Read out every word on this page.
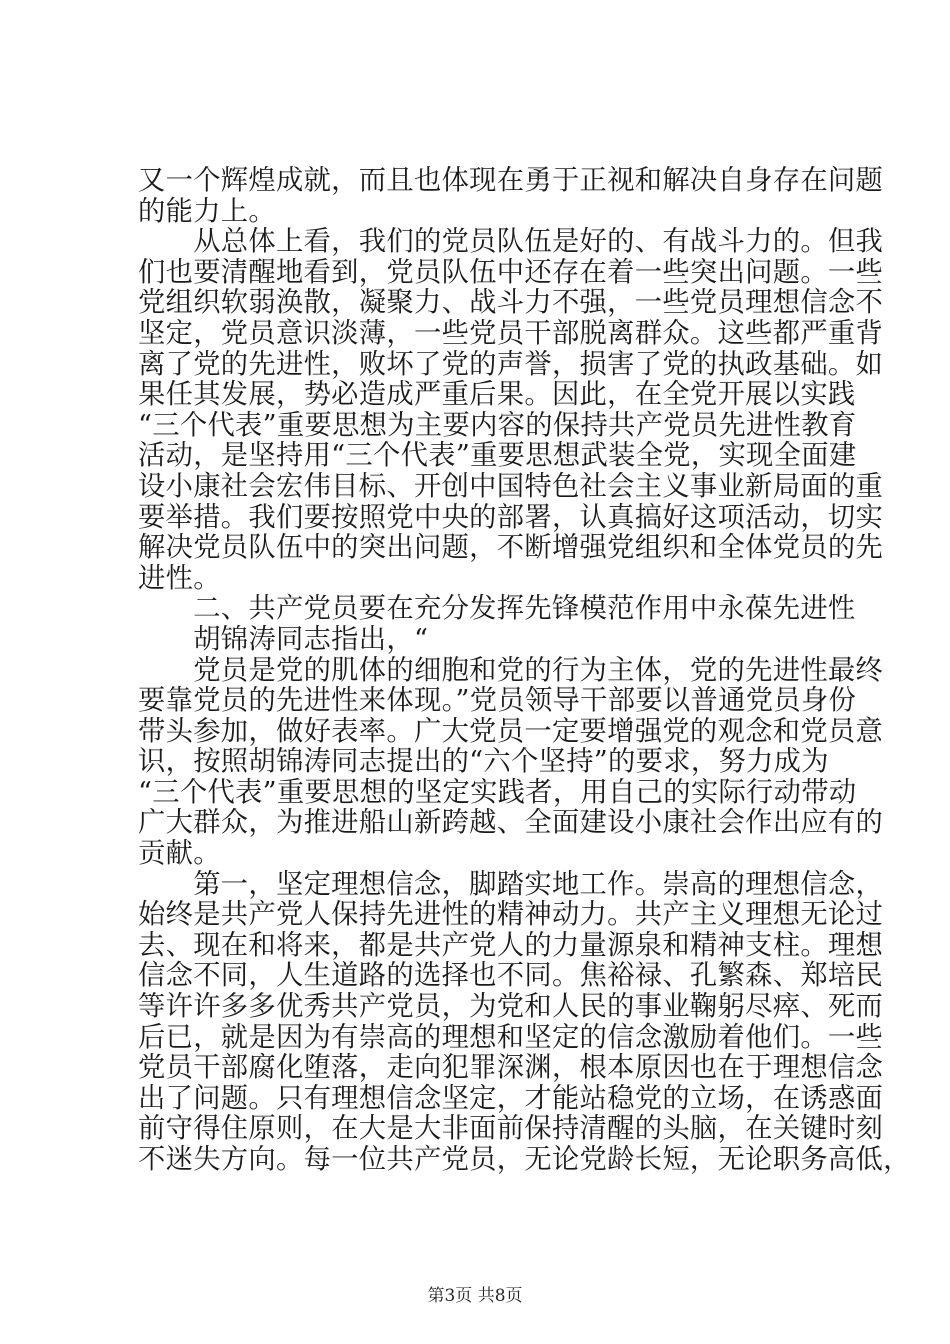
又一个辉煌成就，而且也体现在勇于正视和解决自身存在问题
的能力上。
　　从总体上看，我们的党员队伍是好的、有战斗力的。但我
们也要清醒地看到，党员队伍中还存在着一些突出问题。一些
党组织软弱涣散，凝聚力、战斗力不强，一些党员理想信念不
坚定，党员意识淡薄，一些党员干部脱离群众。这些都严重背
离了党的先进性，败坏了党的声誉，损害了党的执政基础。如
果任其发展，势必造成严重后果。因此，在全党开展以实践
“三个代表”重要思想为主要内容的保持共产党员先进性教育
活动，是坚持用“三个代表”重要思想武装全党，实现全面建
设小康社会宏伟目标、开创中国特色社会主义事业新局面的重
要举措。我们要按照党中央的部署，认真搞好这项活动，切实
解决党员队伍中的突出问题，不断增强党组织和全体党员的先
进性。
　　二、共产党员要在充分发挥先锋模范作用中永葆先进性
　　胡锦涛同志指出，“
　　党员是党的肌体的细胞和党的行为主体，党的先进性最终
要靠党员的先进性来体现。”党员领导干部要以普通党员身份
带头参加，做好表率。广大党员一定要增强党的观念和党员意
识，按照胡锦涛同志提出的“六个坚持”的要求，努力成为
“三个代表”重要思想的坚定实践者，用自己的实际行动带动
广大群众，为推进船山新跨越、全面建设小康社会作出应有的
贡献。
　　第一，坚定理想信念，脚踏实地工作。崇高的理想信念，
始终是共产党人保持先进性的精神动力。共产主义理想无论过
去、现在和将来，都是共产党人的力量源泉和精神支柱。理想
信念不同，人生道路的选择也不同。焦裕禄、孔繁森、郑培民
等许许多多优秀共产党员，为党和人民的事业鞠躬尽瘁、死而
后已，就是因为有崇高的理想和坚定的信念激励着他们。一些
党员干部腐化堕落，走向犯罪深渊，根本原因也在于理想信念
出了问题。只有理想信念坚定，才能站稳党的立场，在诱惑面
前守得住原则，在大是大非面前保持清醒的头脑，在关键时刻
不迷失方向。每一位共产党员，无论党龄长短，无论职务高低，
第3页 共8页
